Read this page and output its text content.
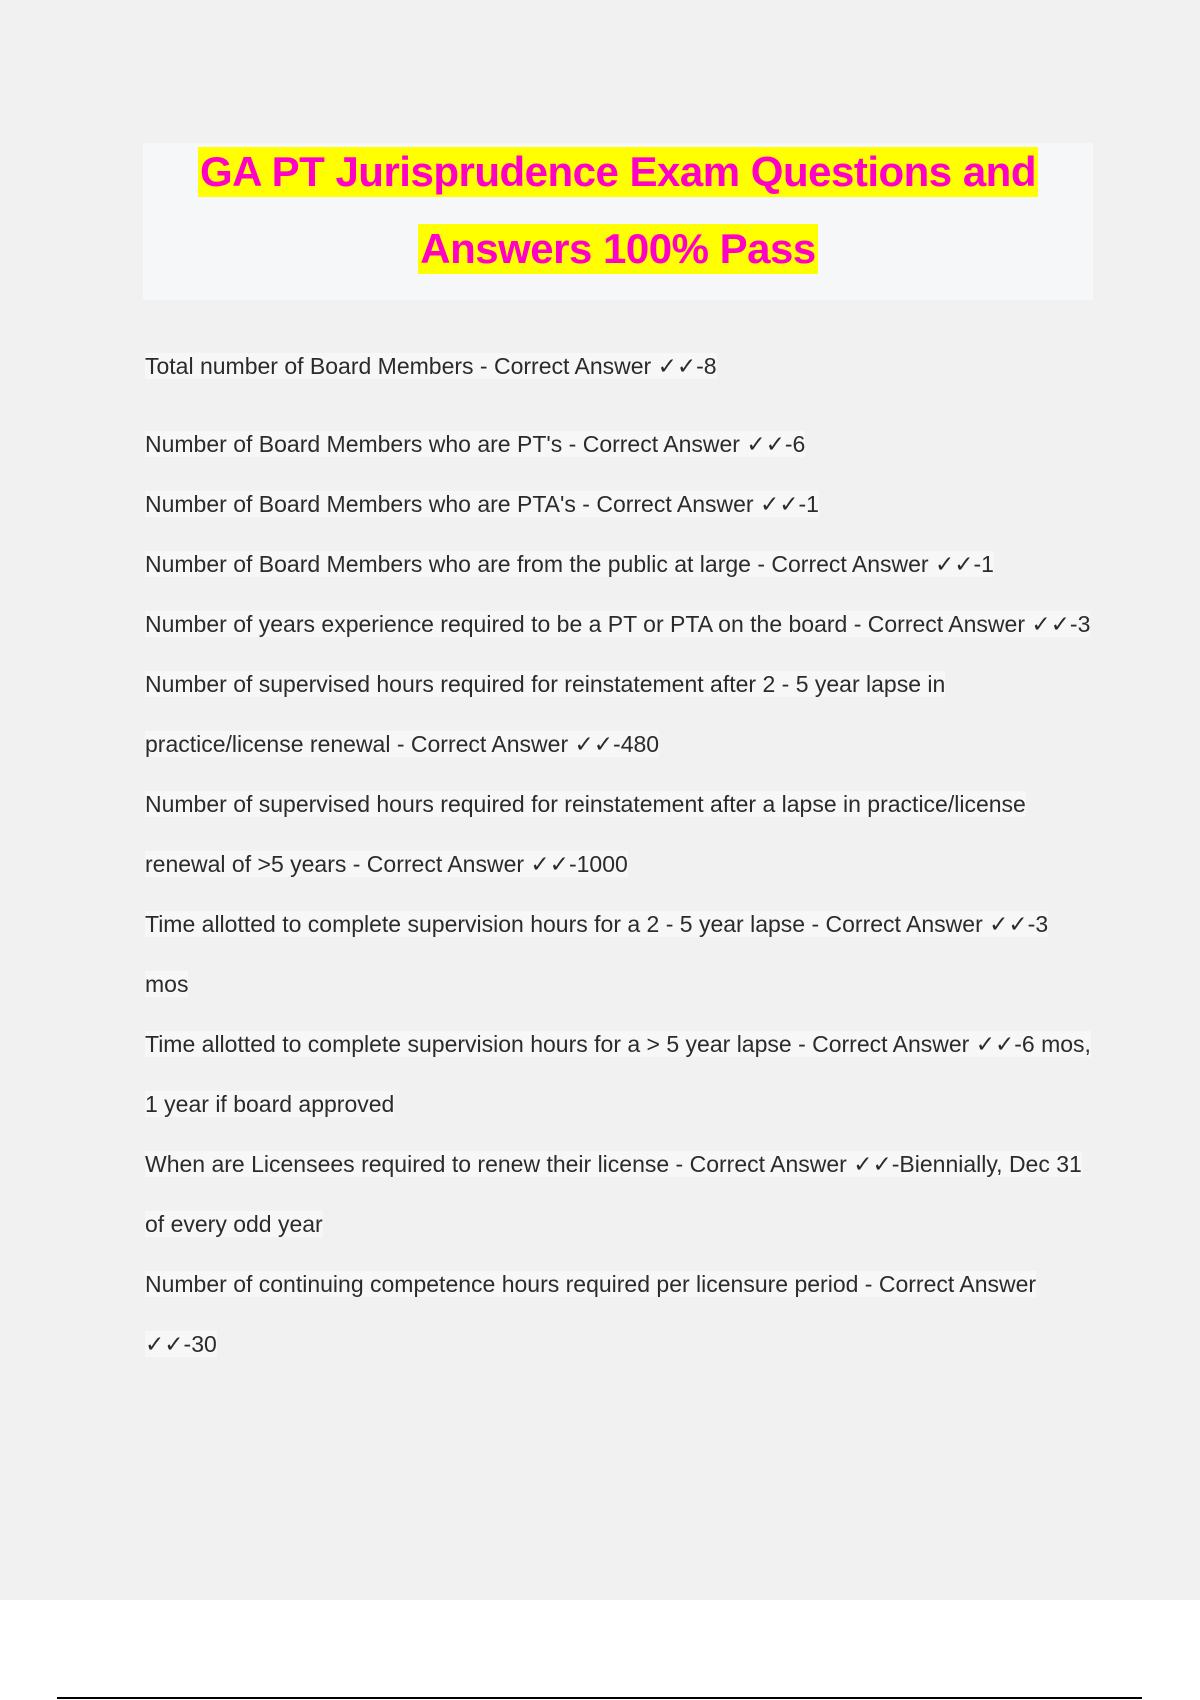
GA PT Jurisprudence Exam Questions and
Answers 100% Pass

Total number of Board Members - Correct Answer ✓✓-8

Number of Board Members who are PT's - Correct Answer ✓✓-6

Number of Board Members who are PTA's - Correct Answer ✓✓-1

Number of Board Members who are from the public at large - Correct Answer ✓✓-1

Number of years experience required to be a PT or PTA on the board - Correct Answer ✓✓-3

Number of supervised hours required for reinstatement after 2 - 5 year lapse in practice/license renewal - Correct Answer ✓✓-480

Number of supervised hours required for reinstatement after a lapse in practice/license renewal of >5 years - Correct Answer ✓✓-1000

Time allotted to complete supervision hours for a 2 - 5 year lapse - Correct Answer ✓✓-3 mos

Time allotted to complete supervision hours for a > 5 year lapse - Correct Answer ✓✓-6 mos, 1 year if board approved

When are Licensees required to renew their license - Correct Answer ✓✓-Biennially, Dec 31 of every odd year

Number of continuing competence hours required per licensure period - Correct Answer ✓✓-30
